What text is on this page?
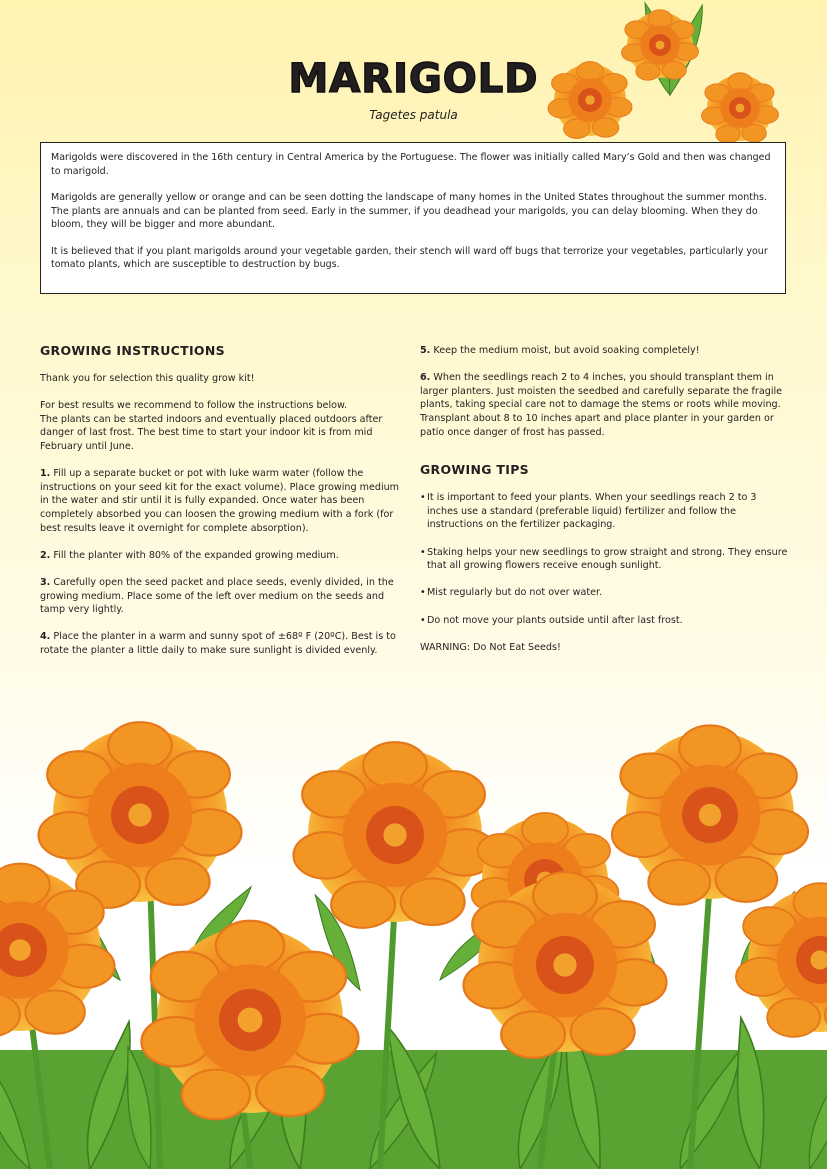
MARIGOLD
Tagetes patula

Marigolds were discovered in the 16th century in Central America by the Portuguese. The flower was initially called Mary’s Gold and then was changed to marigold.

Marigolds are generally yellow or orange and can be seen dotting the landscape of many homes in the United States throughout the summer months. The plants are annuals and can be planted from seed. Early in the summer, if you deadhead your marigolds, you can delay blooming. When they do bloom, they will be bigger and more abundant.

It is believed that if you plant marigolds around your vegetable garden, their stench will ward off bugs that terrorize your vegetables, particularly your tomato plants, which are susceptible to destruction by bugs.

GROWING INSTRUCTIONS

Thank you for selection this quality grow kit!

For best results we recommend to follow the instructions below.

The plants can be started indoors and eventually placed outdoors after danger of last frost. The best time to start your indoor kit is from mid February until June.

1. Fill up a separate bucket or pot with luke warm water (follow the instructions on your seed kit for the exact volume). Place growing medium in the water and stir until it is fully expanded. Once water has been completely absorbed you can loosen the growing medium with a fork (for best results leave it overnight for complete absorption).

2. Fill the planter with 80% of the expanded growing medium.

3. Carefully open the seed packet and place seeds, evenly divided, in the growing medium. Place some of the left over medium on the seeds and tamp very lightly.

4. Place the planter in a warm and sunny spot of ±68º F (20ºC). Best is to rotate the planter a little daily to make sure sunlight is divided evenly.

5. Keep the medium moist, but avoid soaking completely!

6. When the seedlings reach 2 to 4 inches, you should transplant them in larger planters. Just moisten the seedbed and carefully separate the fragile plants, taking special care not to damage the stems or roots while moving. Transplant about 8 to 10 inches apart and place planter in your garden or patio once danger of frost has passed.

GROWING TIPS
• It is important to feed your plants. When your seedlings reach 2 to 3 inches use a standard (preferable liquid) fertilizer and follow the instructions on the fertilizer packaging.
• Staking helps your new seedlings to grow straight and strong. They ensure that all growing flowers receive enough sunlight.
• Mist regularly but do not over water.
• Do not move your plants outside until after last frost.

WARNING: Do Not Eat Seeds!
